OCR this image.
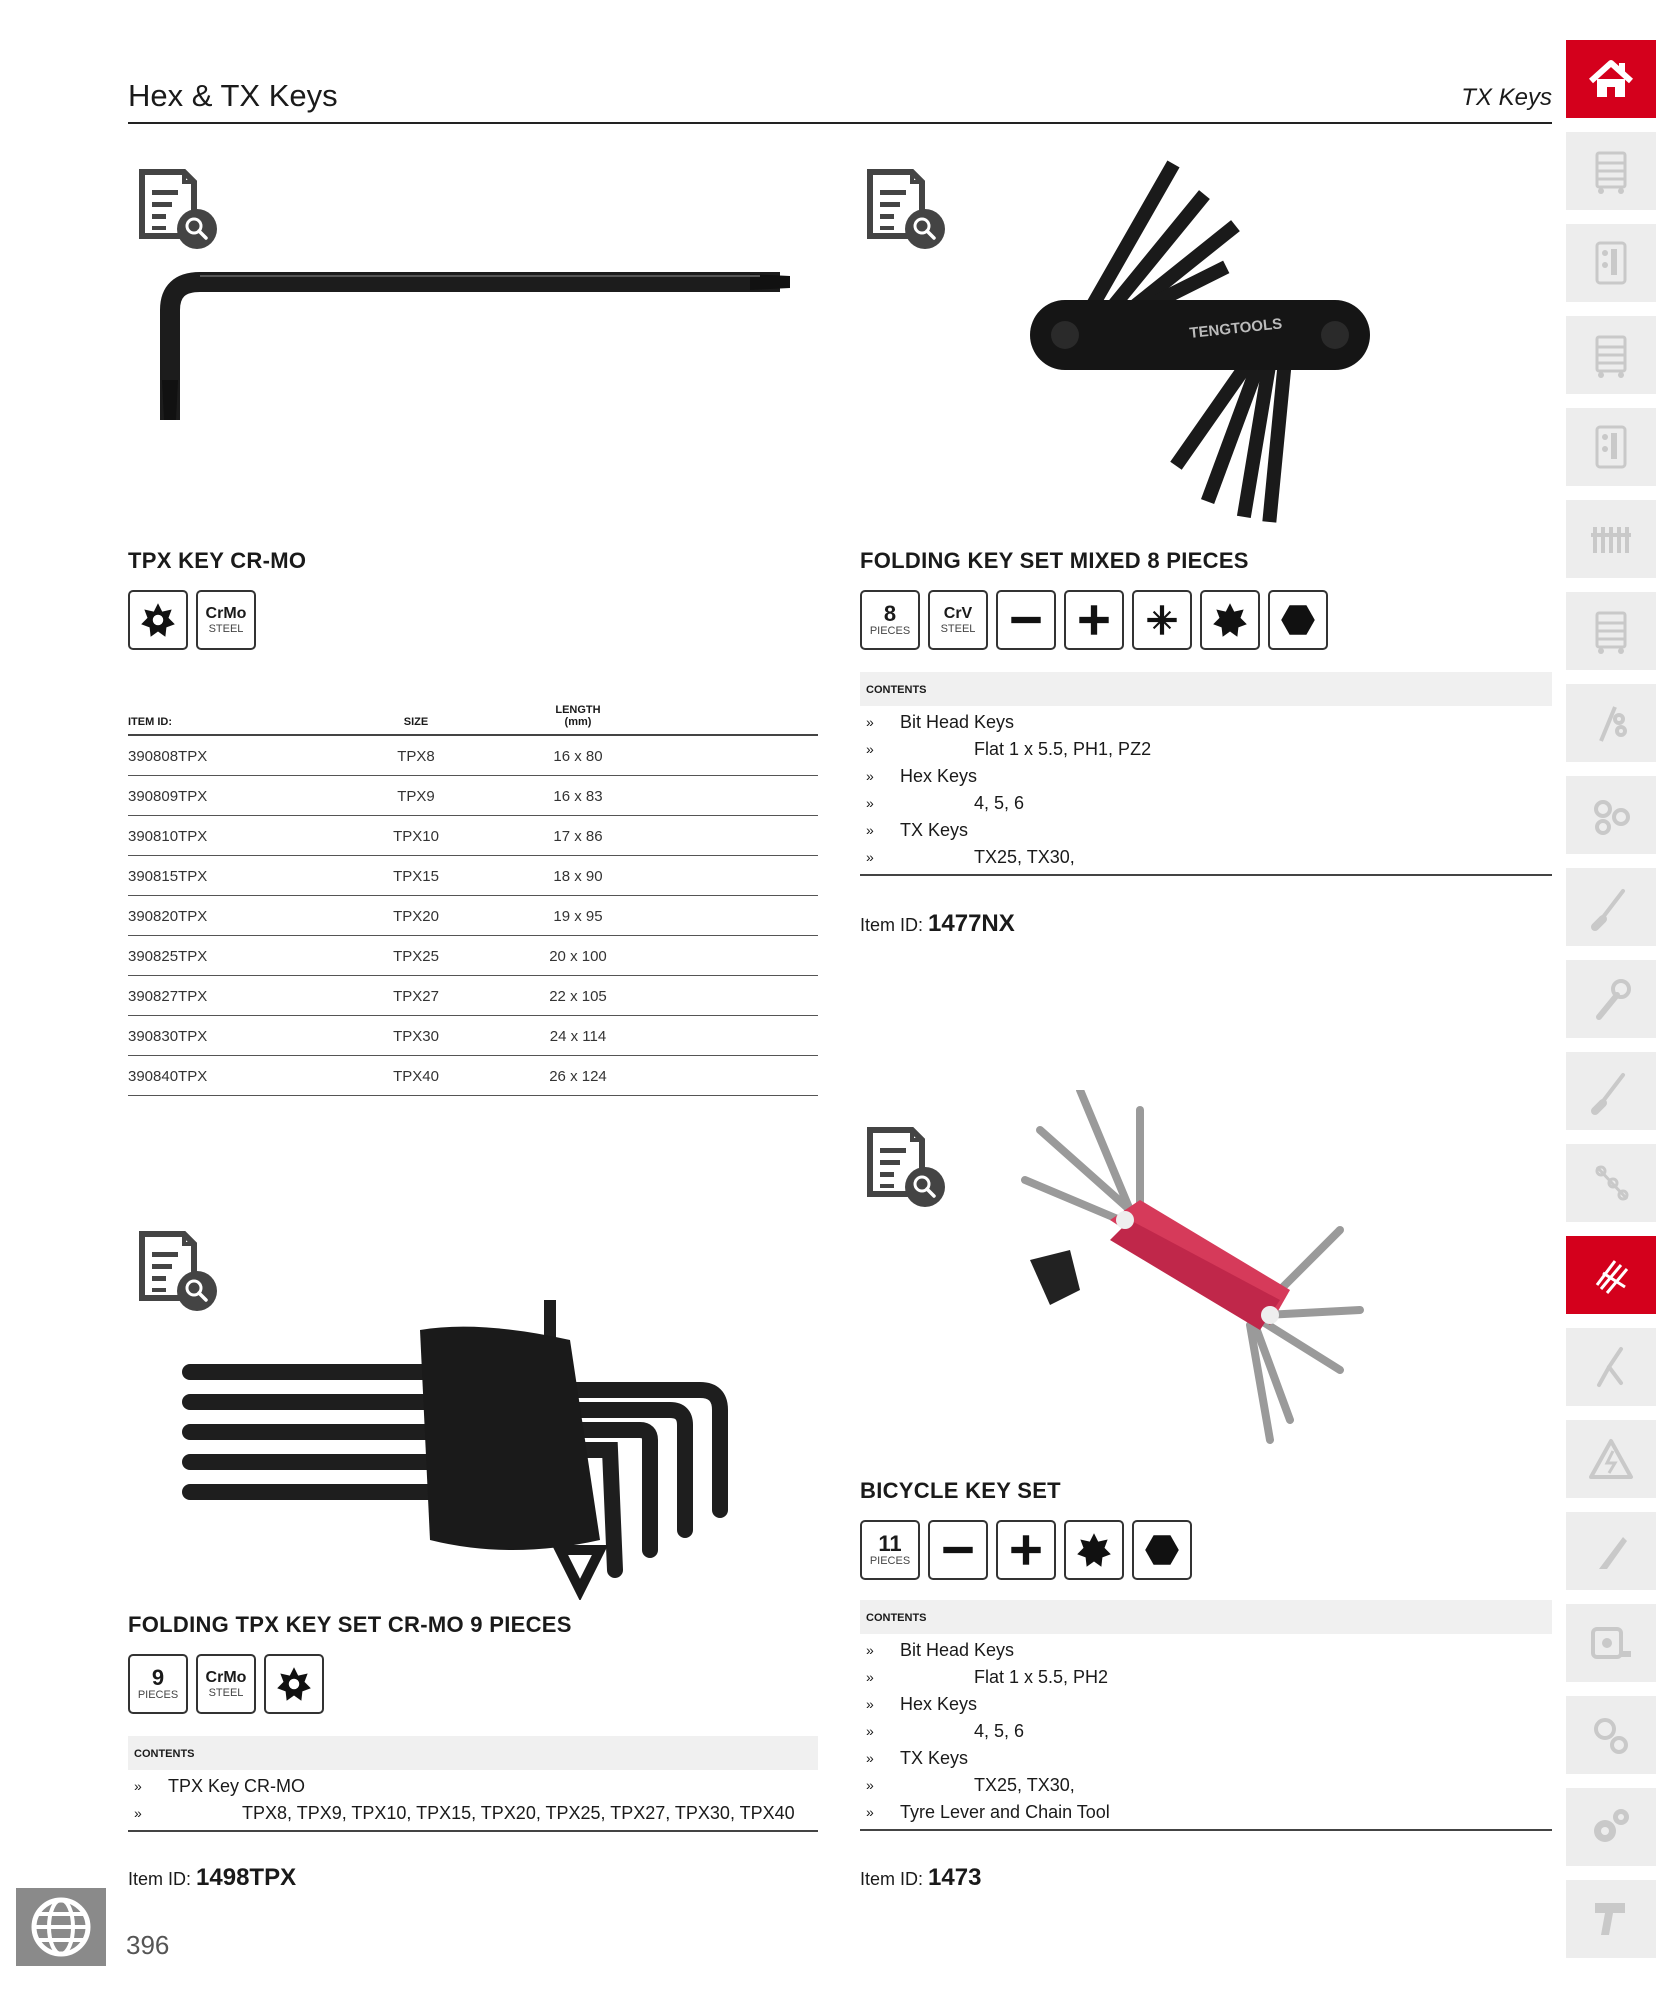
Hex & TX Keys	TX Keys
TENGTOOLS
TPX KEY CR-MO
CrMo
STEEL
ITEM ID:	SIZE
LENGTH
(mm)
390808TPX	TPX8	16 x 80
390809TPX	TPX9	16 x 83
390810TPX	TPX10	17 x 86
390815TPX	TPX15	18 x 90
390820TPX	TPX20	19 x 95
390825TPX	TPX25	20 x 100
390827TPX	TPX27	22 x 105
390830TPX	TPX30	24 x 114
390840TPX	TPX40	26 x 124
FOLDING KEY SET MIXED 8 PIECES
8
PIECES
CrV
STEEL
CONTENTS
» Bit Head Keys
»	Flat 1 x 5.5, PH1, PZ2
» Hex Keys
»	4, 5, 6
» TX Keys
»	TX25, TX30,
Item ID: 1477NX
BICYCLE KEY SET
11
PIECES
CONTENTS
» Bit Head Keys
»	Flat 1 x 5.5, PH2
» Hex Keys
»	4, 5, 6
» TX Keys
»	TX25, TX30,
» Tyre Lever and Chain Tool
Item ID: 1473
FOLDING TPX KEY SET CR-MO 9 PIECES
9
PIECES
CrMo
STEEL
CONTENTS
» TPX Key CR-MO
»	TPX8, TPX9, TPX10, TPX15, TPX20, TPX25, TPX27, TPX30, TPX40
Item ID: 1498TPX
396
